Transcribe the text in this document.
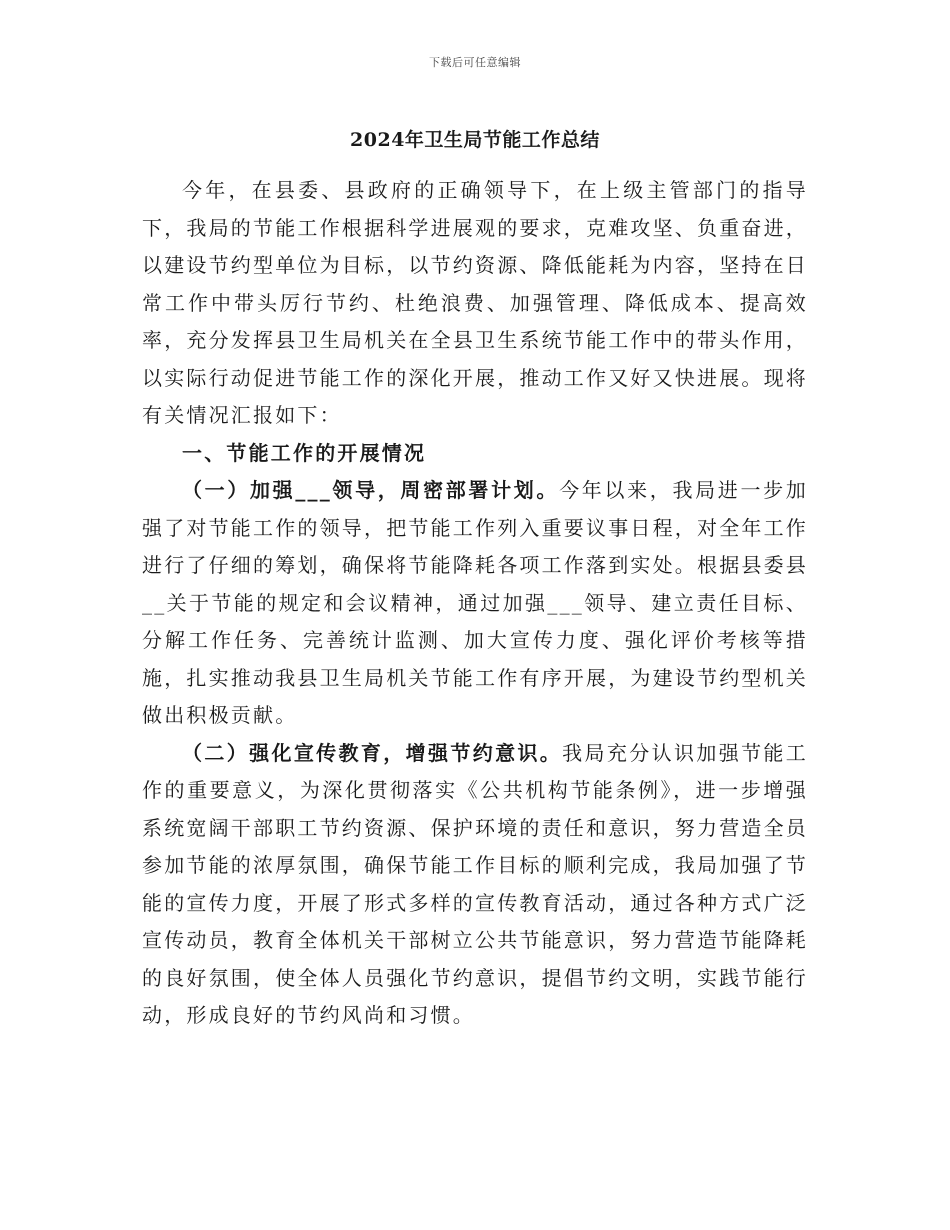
下载后可任意编辑
2024年卫生局节能工作总结

今年，在县委、县政府的正确领导下，在上级主管部门的指导下，我局的节能工作根据科学进展观的要求，克难攻坚、负重奋进，以建设节约型单位为目标，以节约资源、降低能耗为内容，坚持在日常工作中带头厉行节约、杜绝浪费、加强管理、降低成本、提高效率，充分发挥县卫生局机关在全县卫生系统节能工作中的带头作用，以实际行动促进节能工作的深化开展，推动工作又好又快进展。现将有关情况汇报如下：

一、节能工作的开展情况

（一）加强___领导，周密部署计划。今年以来，我局进一步加强了对节能工作的领导，把节能工作列入重要议事日程，对全年工作进行了仔细的筹划，确保将节能降耗各项工作落到实处。根据县委县__关于节能的规定和会议精神，通过加强___领导、建立责任目标、分解工作任务、完善统计监测、加大宣传力度、强化评价考核等措施，扎实推动我县卫生局机关节能工作有序开展，为建设节约型机关做出积极贡献。

（二）强化宣传教育，增强节约意识。我局充分认识加强节能工作的重要意义，为深化贯彻落实《公共机构节能条例》，进一步增强系统宽阔干部职工节约资源、保护环境的责任和意识，努力营造全员参加节能的浓厚氛围，确保节能工作目标的顺利完成，我局加强了节能的宣传力度，开展了形式多样的宣传教育活动，通过各种方式广泛宣传动员，教育全体机关干部树立公共节能意识，努力营造节能降耗的良好氛围，使全体人员强化节约意识，提倡节约文明，实践节能行动，形成良好的节约风尚和习惯。
